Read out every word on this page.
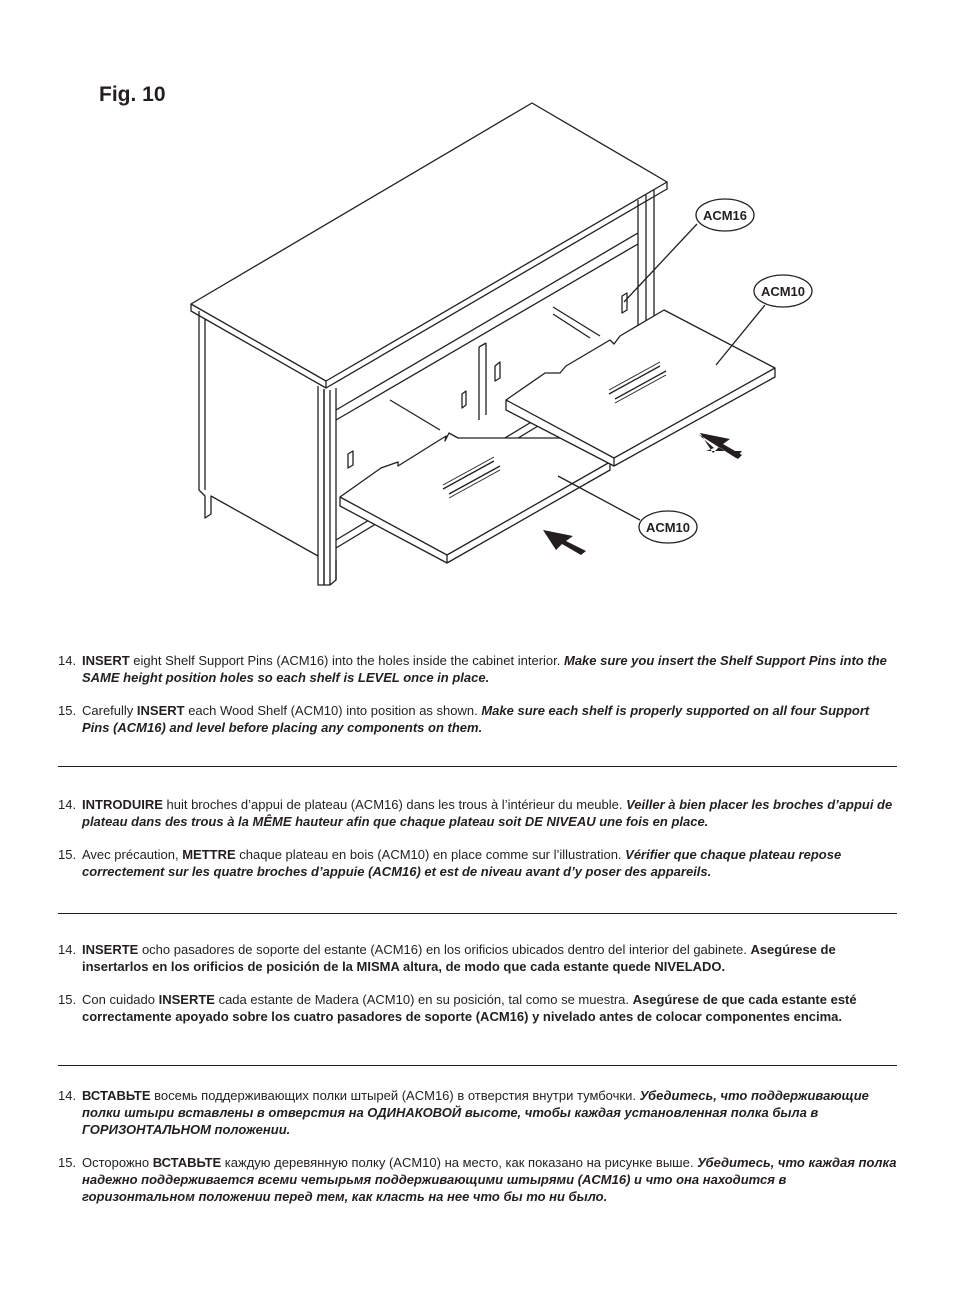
Fig. 10
ACM16
ACM10
ACM10

14. INSERT eight Shelf Support Pins (ACM16) into the holes inside the cabinet interior. Make sure you insert the Shelf Support Pins into the SAME height position holes so each shelf is LEVEL once in place.

15. Carefully INSERT each Wood Shelf (ACM10) into position as shown. Make sure each shelf is properly supported on all four Support Pins (ACM16) and level before placing any components on them.

14. INTRODUIRE huit broches d’appui de plateau (ACM16) dans les trous à l’intérieur du meuble. Veiller à bien placer les broches d’appui de plateau dans des trous à la MÊME hauteur afin que chaque plateau soit DE NIVEAU une fois en place.

15. Avec précaution, METTRE chaque plateau en bois (ACM10) en place comme sur l’illustration. Vérifier que chaque plateau repose correctement sur les quatre broches d’appuie (ACM16) et est de niveau avant d’y poser des appareils.

14. INSERTE ocho pasadores de soporte del estante (ACM16) en los orificios ubicados dentro del interior del gabinete. Asegúrese de insertarlos en los orificios de posición de la MISMA altura, de modo que cada estante quede NIVELADO.

15. Con cuidado INSERTE cada estante de Madera (ACM10) en su posición, tal como se muestra. Asegúrese de que cada estante esté correctamente apoyado sobre los cuatro pasadores de soporte (ACM16) y nivelado antes de colocar componentes encima.

14. ВСТАВЬТЕ восемь поддерживающих полки штырей (ACM16) в отверстия внутри тумбочки. Убедитесь, что поддерживающие полки штыри вставлены в отверстия на ОДИНАКОВОЙ высоте, чтобы каждая установленная полка была в ГОРИЗОНТАЛЬНОМ положении.

15. Осторожно ВСТАВЬТЕ каждую деревянную полку (ACM10) на место, как показано на рисунке выше. Убедитесь, что каждая полка надежно поддерживается всеми четырьмя поддерживающими штырями (ACM16) и что она находится в горизонтальном положении перед тем, как класть на нее что бы то ни было.
